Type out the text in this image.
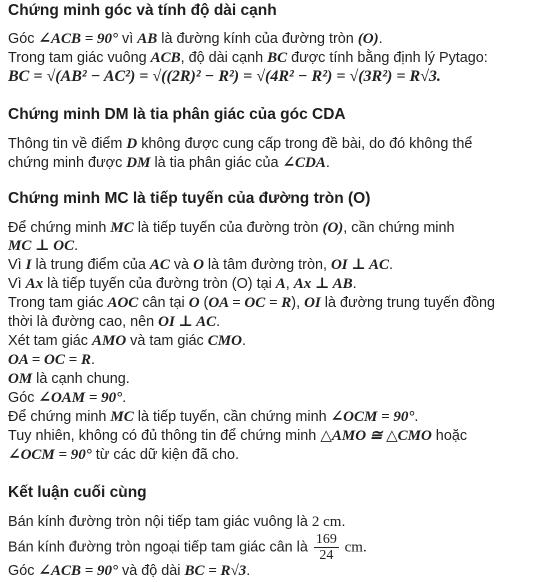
Chứng minh góc và tính độ dài cạnh
Góc ∠ACB = 90° vì AB là đường kính của đường tròn (O).
Trong tam giác vuông ACB, độ dài cạnh BC được tính bằng định lý Pytago:
BC = √(AB² − AC²) = √((2R)² − R²) = √(4R² − R²) = √(3R²) = R√3.
Chứng minh DM là tia phân giác của góc CDA
Thông tin về điểm D không được cung cấp trong đề bài, do đó không thể
chứng minh được DM là tia phân giác của ∠CDA.
Chứng minh MC là tiếp tuyến của đường tròn (O)
Để chứng minh MC là tiếp tuyến của đường tròn (O), cần chứng minh
MC ⊥ OC.
Vì I là trung điểm của AC và O là tâm đường tròn, OI ⊥ AC.
Vì Ax là tiếp tuyến của đường tròn (O) tại A, Ax ⊥ AB.
Trong tam giác AOC cân tại O (OA = OC = R), OI là đường trung tuyến đồng
thời là đường cao, nên OI ⊥ AC.
Xét tam giác AMO và tam giác CMO.
OA = OC = R.
OM là cạnh chung.
Góc ∠OAM = 90°.
Để chứng minh MC là tiếp tuyến, cần chứng minh ∠OCM = 90°.
Tuy nhiên, không có đủ thông tin để chứng minh △AMO ≅ △CMO hoặc
∠OCM = 90° từ các dữ kiện đã cho.
Kết luận cuối cùng
Bán kính đường tròn nội tiếp tam giác vuông là 2 cm.
Bán kính đường tròn ngoại tiếp tam giác cân là $\frac{169}{24}$ cm.
Góc ∠ACB = 90° và độ dài BC = R√3.
